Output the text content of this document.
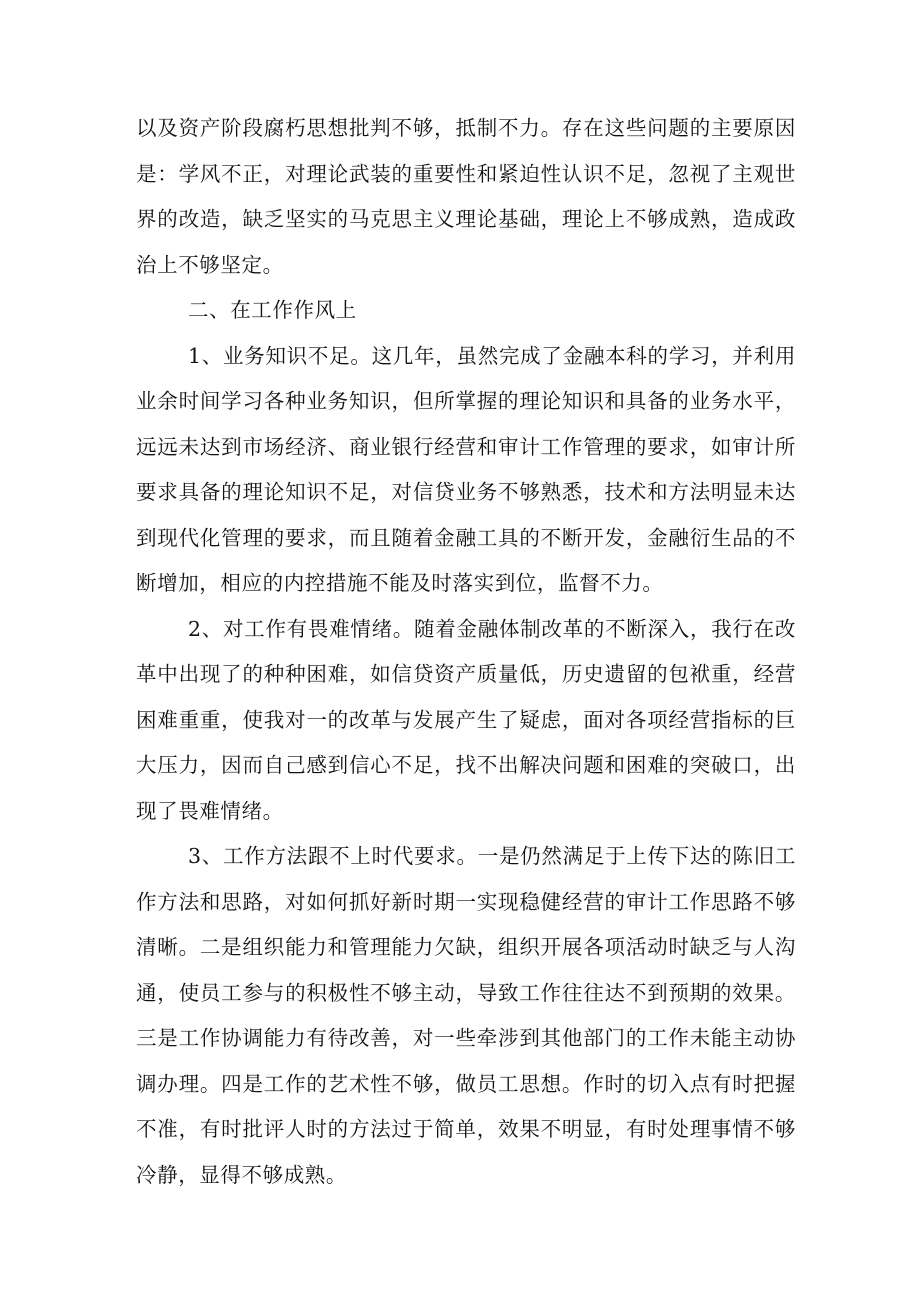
以及资产阶段腐朽思想批判不够，抵制不力。存在这些问题的主要原因是：学风不正，对理论武装的重要性和紧迫性认识不足，忽视了主观世界的改造，缺乏坚实的马克思主义理论基础，理论上不够成熟，造成政治上不够坚定。

二、在工作作风上

1、业务知识不足。这几年，虽然完成了金融本科的学习，并利用业余时间学习各种业务知识，但所掌握的理论知识和具备的业务水平，远远未达到市场经济、商业银行经营和审计工作管理的要求，如审计所要求具备的理论知识不足，对信贷业务不够熟悉，技术和方法明显未达到现代化管理的要求，而且随着金融工具的不断开发，金融衍生品的不断增加，相应的内控措施不能及时落实到位，监督不力。

2、对工作有畏难情绪。随着金融体制改革的不断深入，我行在改革中出现了的种种困难，如信贷资产质量低，历史遗留的包袱重，经营困难重重，使我对一的改革与发展产生了疑虑，面对各项经营指标的巨大压力，因而自己感到信心不足，找不出解决问题和困难的突破口，出现了畏难情绪。

3、工作方法跟不上时代要求。一是仍然满足于上传下达的陈旧工作方法和思路，对如何抓好新时期一实现稳健经营的审计工作思路不够清晰。二是组织能力和管理能力欠缺，组织开展各项活动时缺乏与人沟通，使员工参与的积极性不够主动，导致工作往往达不到预期的效果。三是工作协调能力有待改善，对一些牵涉到其他部门的工作未能主动协调办理。四是工作的艺术性不够，做员工思想。作时的切入点有时把握不准，有时批评人时的方法过于简单，效果不明显，有时处理事情不够冷静，显得不够成熟。
